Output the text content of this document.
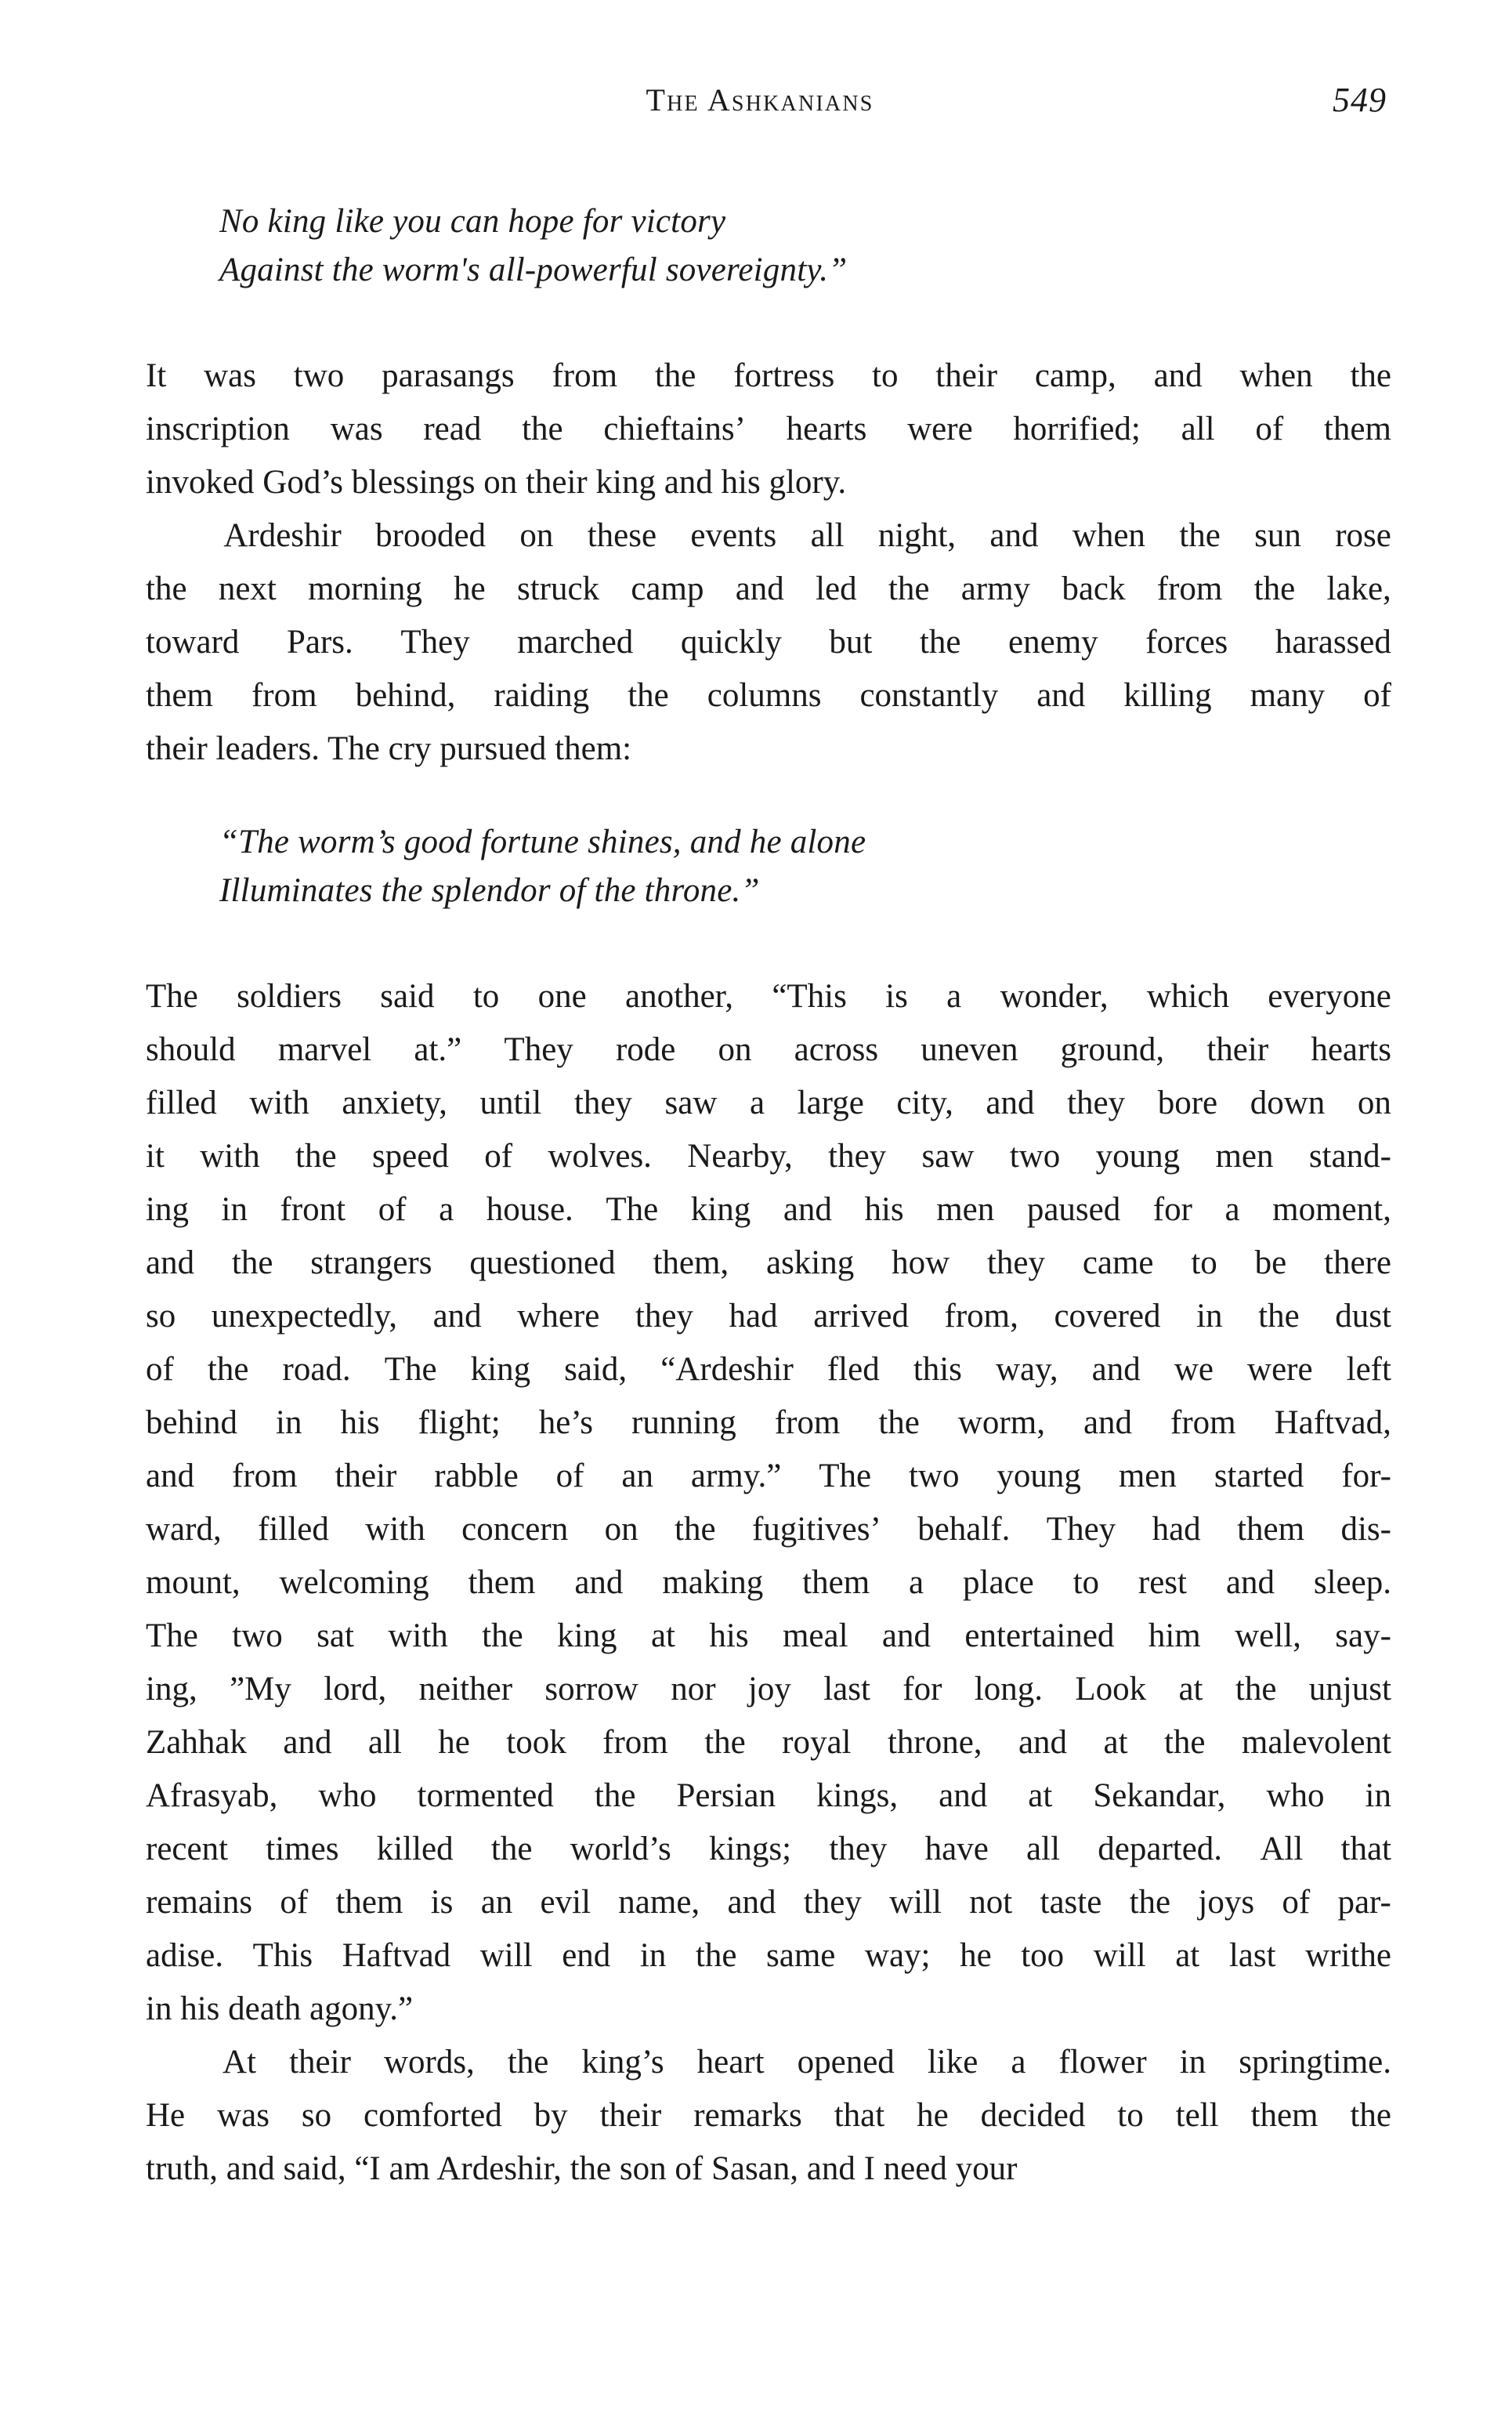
The Ashkanians	549
No king like you can hope for victory
Against the worm's all-powerful sovereignty.”
It was two parasangs from the fortress to their camp, and when the
inscription was read the chieftains’ hearts were horrified; all of them
invoked God’s blessings on their king and his glory.
Ardeshir brooded on these events all night, and when the sun rose
the next morning he struck camp and led the army back from the lake,
toward Pars. They marched quickly but the enemy forces harassed
them from behind, raiding the columns constantly and killing many of
their leaders. The cry pursued them:
“The worm’s good fortune shines, and he alone
Illuminates the splendor of the throne.”
The soldiers said to one another, “This is a wonder, which everyone
should marvel at.” They rode on across uneven ground, their hearts
filled with anxiety, until they saw a large city, and they bore down on
it with the speed of wolves. Nearby, they saw two young men stand-
ing in front of a house. The king and his men paused for a moment,
and the strangers questioned them, asking how they came to be there
so unexpectedly, and where they had arrived from, covered in the dust
of the road. The king said, “Ardeshir fled this way, and we were left
behind in his flight; he’s running from the worm, and from Haftvad,
and from their rabble of an army.” The two young men started for-
ward, filled with concern on the fugitives’ behalf. They had them dis-
mount, welcoming them and making them a place to rest and sleep.
The two sat with the king at his meal and entertained him well, say-
ing, ”My lord, neither sorrow nor joy last for long. Look at the unjust
Zahhak and all he took from the royal throne, and at the malevolent
Afrasyab, who tormented the Persian kings, and at Sekandar, who in
recent times killed the world’s kings; they have all departed. All that
remains of them is an evil name, and they will not taste the joys of par-
adise. This Haftvad will end in the same way; he too will at last writhe
in his death agony.”
At their words, the king’s heart opened like a flower in springtime.
He was so comforted by their remarks that he decided to tell them the
truth, and said, “I am Ardeshir, the son of Sasan, and I need your
